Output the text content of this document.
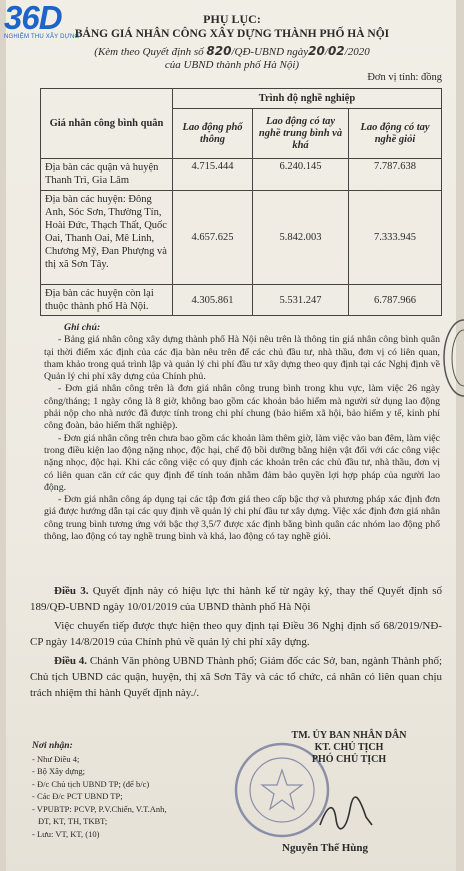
36D
NGHIỆM THU XÂY DỰNG
PHỤ LỤC:
BẢNG GIÁ NHÂN CÔNG XÂY DỰNG THÀNH PHỐ HÀ NỘI
(Kèm theo Quyết định số 820/QĐ-UBND ngày20/02/2020
của UBND thành phố Hà Nội)
Đơn vị tính: đồng
Giá nhân công bình quân	Trình độ nghề nghiệp		
	Lao động phổ thông	Lao động có tay nghề trung bình và khá	Lao động có tay nghề giỏi
Địa bàn các quận và huyện Thanh Trì, Gia Lâm	4.715.444	6.240.145	7.787.638
Địa bàn các huyện: Đông Anh, Sóc Sơn, Thường Tín, Hoài Đức, Thạch Thất, Quốc Oai, Thanh Oai, Mê Linh, Chương Mỹ, Đan Phượng và thị xã Sơn Tây.	4.657.625	5.842.003	7.333.945
Địa bàn các huyện còn lại thuộc thành phố Hà Nội.	4.305.861	5.531.247	6.787.966
Ghi chú:

- Bảng giá nhân công xây dựng thành phố Hà Nội nêu trên là thông tin giá nhân công bình quân tại thời điểm xác định của các địa bàn nêu trên để các chủ đầu tư, nhà thầu, đơn vị có liên quan, tham khảo trong quá trình lập và quản lý chi phí đầu tư xây dựng theo quy định tại các Nghị định về Quản lý chi phí xây dựng của Chính phủ.

- Đơn giá nhân công trên là đơn giá nhân công trung bình trong khu vực, làm việc 26 ngày công/tháng; 1 ngày công là 8 giờ, không bao gồm các khoản bảo hiểm mà người sử dụng lao động phải nộp cho nhà nước đã được tính trong chi phí chung (bảo hiểm xã hội, bảo hiểm y tế, kinh phí công đoàn, bảo hiểm thất nghiệp).

- Đơn giá nhân công trên chưa bao gồm các khoản làm thêm giờ, làm việc vào ban đêm, làm việc trong điều kiện lao động nặng nhọc, độc hại, chế độ bồi dưỡng bằng hiện vật đối với các công việc nặng nhọc, độc hại. Khi các công việc có quy định các khoản trên các chủ đầu tư, nhà thầu, đơn vị có liên quan căn cứ các quy định để tính toán nhằm đảm bảo quyền lợi hợp pháp của người lao động.

- Đơn giá nhân công áp dụng tại các tập đơn giá theo cấp bậc thợ và phương pháp xác định đơn giá được hướng dẫn tại các quy định về quản lý chi phí đầu tư xây dựng. Việc xác định đơn giá nhân công trung bình tương ứng với bậc thợ 3,5/7 được xác định bằng bình quân các nhóm lao động phổ thông, lao động có tay nghề trung bình và khá, lao động có tay nghề giỏi.

Điều 3. Quyết định này có hiệu lực thi hành kể từ ngày ký, thay thế Quyết định số 189/QĐ-UBND ngày 10/01/2019 của UBND thành phố Hà Nội

Việc chuyển tiếp được thực hiện theo quy định tại Điều 36 Nghị định số 68/2019/NĐ-CP ngày 14/8/2019 của Chính phủ về quản lý chi phí xây dựng.

Điều 4. Chánh Văn phòng UBND Thành phố; Giám đốc các Sở, ban, ngành Thành phố; Chủ tịch UBND các quận, huyện, thị xã Sơn Tây và các tổ chức, cá nhân có liên quan chịu trách nhiệm thi hành Quyết định này./.

Nơi nhận:
- Như Điều 4;
- Bộ Xây dựng;
- Đ/c Chủ tịch UBND TP; (để b/c)
- Các Đ/c PCT UBND TP;
- VPUBTP: PCVP, P.V.Chiến, V.T.Anh,
ĐT, KT, TH, TKBT;
- Lưu: VT, KT, (10)
TM. ỦY BAN NHÂN DÂN
KT. CHỦ TỊCH
PHÓ CHỦ TỊCH
Nguyễn Thế Hùng
